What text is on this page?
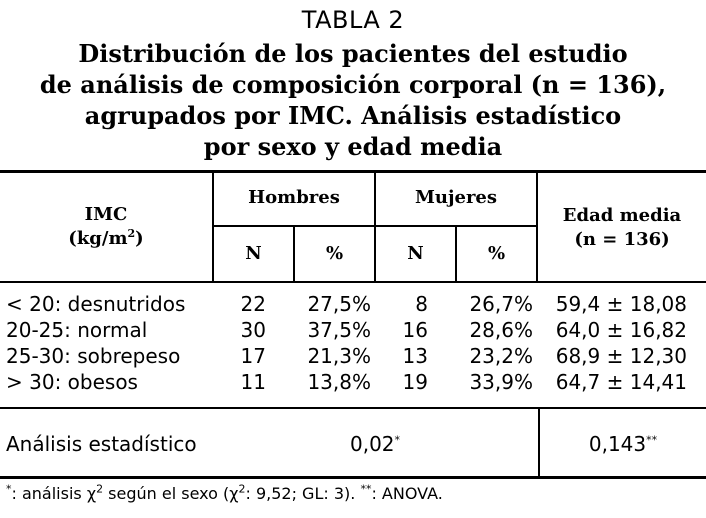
TABLA 2
Distribución de los pacientes del estudio
de análisis de composición corporal (n = 136),
agrupados por IMC. Análisis estadístico
por sexo y edad media
IMC
$(kg/m^2)$
Hombres	Mujeres
Edad media
(n = 136)
N	%	N	%
< 20: desnutridos	22	27,5%	8	26,7%	59,4 ± 18,08
20-25: normal	30	37,5%	16	28,6%	64,0 ± 16,82
25-30: sobrepeso	17	21,3%	13	23,2%	68,9 ± 12,30
> 30: obesos	11	13,8%	19	33,9%	64,7 ± 14,41
Análisis estadístico	0,02*	0,143**
*: análisis $\chi^2$ según el sexo ($\chi^2$: 9,52; GL: 3). **: ANOVA.
